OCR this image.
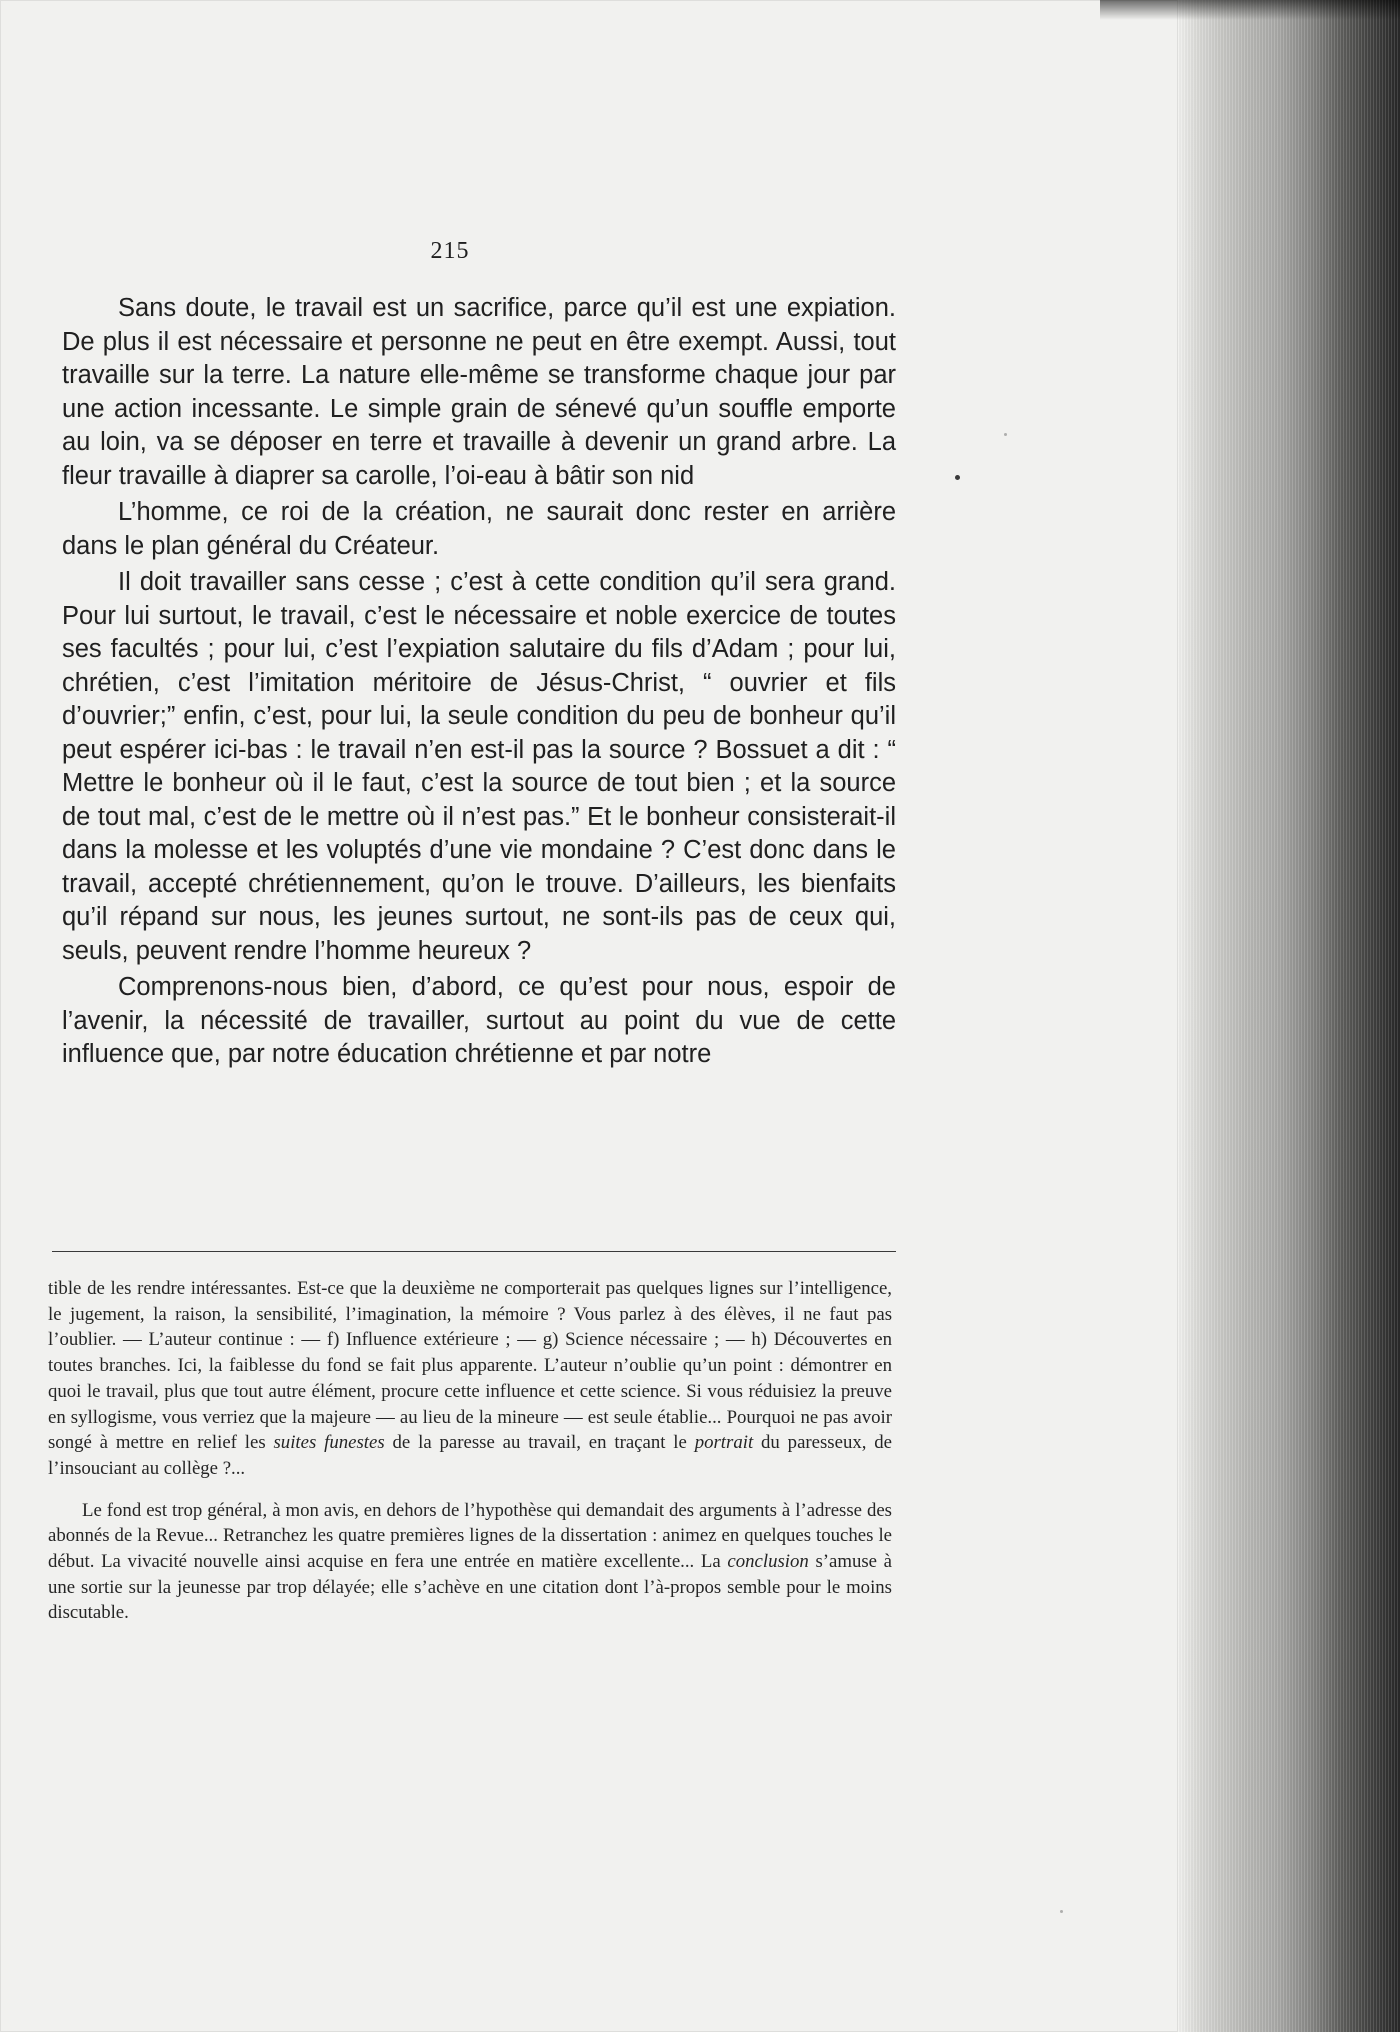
215

Sans doute, le travail est un sacrifice, parce qu’il est une expiation. De plus il est nécessaire et personne ne peut en être exempt. Aussi, tout travaille sur la terre. La nature elle-même se transforme chaque jour par une action incessante. Le simple grain de sénevé qu’un souffle emporte au loin, va se déposer en terre et travaille à devenir un grand arbre. La fleur travaille à diaprer sa carolle, l’oi-eau à bâtir son nid

L’homme, ce roi de la création, ne saurait donc rester en arrière dans le plan général du Créateur.

Il doit travailler sans cesse ; c’est à cette condition qu’il sera grand. Pour lui surtout, le travail, c’est le nécessaire et noble exercice de toutes ses facultés ; pour lui, c’est l’expiation salutaire du fils d’Adam ; pour lui, chrétien, c’est l’imitation méritoire de Jésus-Christ, “ ouvrier et fils d’ouvrier;” enfin, c’est, pour lui, la seule condition du peu de bonheur qu’il peut espérer ici-bas : le travail n’en est-il pas la source ? Bossuet a dit : “ Mettre le bonheur où il le faut, c’est la source de tout bien ; et la source de tout mal, c’est de le mettre où il n’est pas.” Et le bonheur consisterait-il dans la molesse et les voluptés d’une vie mondaine ? C’est donc dans le travail, accepté chrétiennement, qu’on le trouve. D’ailleurs, les bienfaits qu’il répand sur nous, les jeunes surtout, ne sont-ils pas de ceux qui, seuls, peuvent rendre l’homme heureux ?

Comprenons-nous bien, d’abord, ce qu’est pour nous, espoir de l’avenir, la nécessité de travailler, surtout au point du vue de cette influence que, par notre éducation chrétienne et par notre

tible de les rendre intéressantes. Est-ce que la deuxième ne comporterait pas quelques lignes sur l’intelligence, le jugement, la raison, la sensibilité, l’imagination, la mémoire ? Vous parlez à des élèves, il ne faut pas l’oublier. — L’auteur continue : — f) Influence extérieure ; — g) Science nécessaire ; — h) Découvertes en toutes branches. Ici, la faiblesse du fond se fait plus apparente. L’auteur n’oublie qu’un point : démontrer en quoi le travail, plus que tout autre élément, procure cette influence et cette science. Si vous réduisiez la preuve en syllogisme, vous verriez que la majeure — au lieu de la mineure — est seule établie... Pourquoi ne pas avoir songé à mettre en relief les suites funestes de la paresse au travail, en traçant le portrait du paresseux, de l’insouciant au collège ?...

Le fond est trop général, à mon avis, en dehors de l’hypothèse qui demandait des arguments à l’adresse des abonnés de la Revue... Retranchez les quatre premières lignes de la dissertation : animez en quelques touches le début. La vivacité nouvelle ainsi acquise en fera une entrée en matière excellente... La conclusion s’amuse à une sortie sur la jeunesse par trop délayée; elle s’achève en une citation dont l’à-propos semble pour le moins discutable.
